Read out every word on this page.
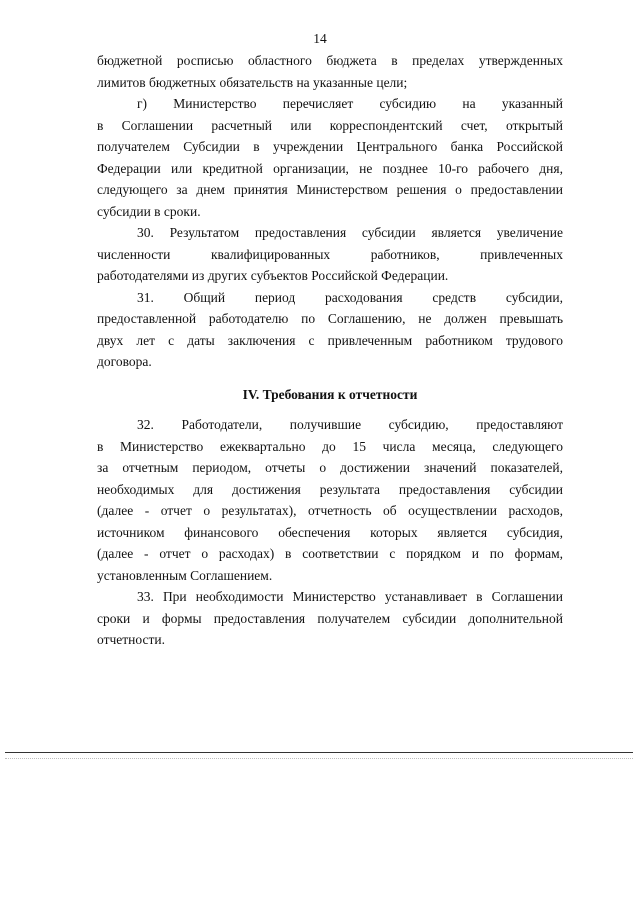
14
бюджетной росписью областного бюджета в пределах утвержденных
лимитов бюджетных обязательств на указанные цели;
г) Министерство перечисляет субсидию на указанный
в Соглашении расчетный или корреспондентский счет, открытый
получателем Субсидии в учреждении Центрального банка Российской
Федерации или кредитной организации, не позднее 10-го рабочего дня,
следующего за днем принятия Министерством решения о предоставлении
субсидии в сроки.
30. Результатом предоставления субсидии является увеличение
численности квалифицированных работников, привлеченных
работодателями из других субъектов Российской Федерации.
31. Общий период расходования средств субсидии,
предоставленной работодателю по Соглашению, не должен превышать
двух лет с даты заключения с привлеченным работником трудового
договора.
IV. Требования к отчетности
32. Работодатели, получившие субсидию, предоставляют
в Министерство ежеквартально до 15 числа месяца, следующего
за отчетным периодом, отчеты о достижении значений показателей,
необходимых для достижения результата предоставления субсидии
(далее - отчет о результатах), отчетность об осуществлении расходов,
источником финансового обеспечения которых является субсидия,
(далее - отчет о расходах) в соответствии с порядком и по формам,
установленным Соглашением.
33. При необходимости Министерство устанавливает в Соглашении
сроки и формы предоставления получателем субсидии дополнительной
отчетности.
